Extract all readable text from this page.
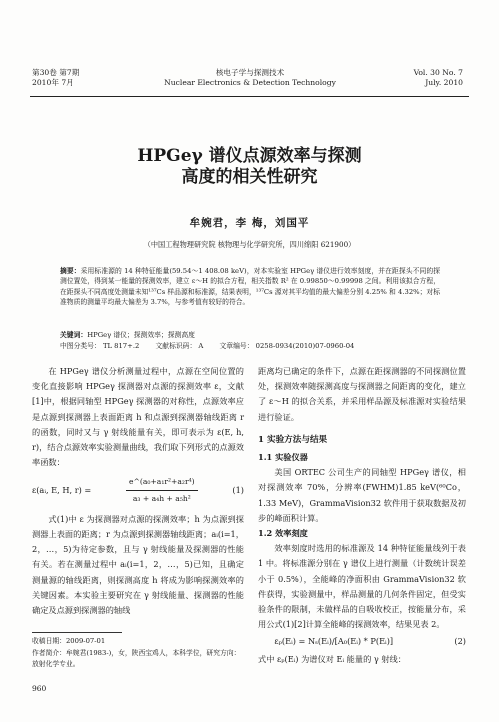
第30卷 第7期
2010年 7月
核电子学与探测技术
Nuclear Electronics & Detection Technology
Vol. 30 No. 7
July. 2010
HPGeγ 谱仪点源效率与探测
高度的相关性研究
牟婉君，李 梅，刘国平
（中国工程物理研究院 核物理与化学研究所，四川绵阳 621900）
摘要：采用标准源的 14 种特征能量(59.54～1 408.08 keV)，对本实验室 HPGeγ 谱仪进行效率刻度，并在距探头不同的探测位置处，得到某一能量的探测效率，建立 ε～H 的拟合方程，相关指数 R² 在 0.99850～0.99998 之间。利用该拟合方程，在距探头不同高度处测量未知¹³⁷Cs 样品源和标准源，结果表明，¹³⁷Cs 源对其平均值的最大偏差分别 4.25% 和 4.32%；对标准物质的测量平均最大偏差为 3.7%，与参考值有较好的符合。
关键词：HPGeγ 谱仪；探测效率；探测高度
中图分类号： TL 817+.2 文献标识码： A 文章编号： 0258-0934(2010)07-0960-04

在 HPGeγ 谱仪分析测量过程中，点源在空间位置的变化直接影响 HPGeγ 探测器对点源的探测效率 ε，文献[1]中，根据同轴型 HPGeγ 探测器的对称性，点源效率应是点源到探测器上表面距离 h 和点源到探测器轴线距离 r 的函数，同时又与 γ 射线能量有关，即可表示为 ε(E, h, r)，结合点源效率实验测量曲线，我们取下列形式的点源效率函数：

ε(aᵢ, E, H, r) =	$\frac{\text{e\textasciicircum{}(a₀+a₁r²+a₂r⁴)}}{\text{a₃ + a₄h + a₅h²}}$	(1)

式(1)中 ε 为探测器对点源的探测效率；h 为点源到探测器上表面的距离；r 为点源到探测器轴线距离；aᵢ(i=1，2，…，5)为待定参数，且与 γ 射线能量及探测器的性能有关。若在测量过程中 aᵢ(i=1，2，…，5)已知，且确定测量源的轴线距离，则探测高度 h 将成为影响探测效率的关键因素。本实验主要研究在 γ 射线能量、探测器的性能确定及点源到探测器的轴线

距离均已确定的条件下，点源在距探测器的不同探测位置处，探测效率随探测高度与探测器之间距离的变化，建立了 ε～H 的拟合关系，并采用样品源及标准源对实验结果进行验证。

1 实验方法与结果
1.1 实验仪器

美国 ORTEC 公司生产的同轴型 HPGeγ 谱仪，相对探测效率 70%，分辨率(FWHM)1.85 keV(⁶⁰Co，1.33 MeV)，GrammaVision32 软件用于获取数据及初步的峰面积计算。

1.2 效率刻度

效率刻度时选用的标准源及 14 种特征能量线列于表 1 中。将标准源分别在 γ 谱仪上进行测量（计数统计误差小于 0.5%），全能峰的净面积由 GrammaVision32 软件获得，实验测量中，样品测量的几何条件固定，但受实验条件的限制，未做样品的自吸收校正，按能量分布，采用公式(1)[2]计算全能峰的探测效率，结果见表 2。

εₚ(Eᵢ) = Nₛ(Eᵢ)/[A₀(Eᵢ) * P(Eᵢ)]	(2)

式中 εₚ(Eᵢ) 为谱仪对 Eᵢ 能量的 γ 射线：

收稿日期：2009-07-01
作者简介：牟婉君(1983-)，女，陕西宝鸡人，本科学位，研究方向：放射化学专业。
960
